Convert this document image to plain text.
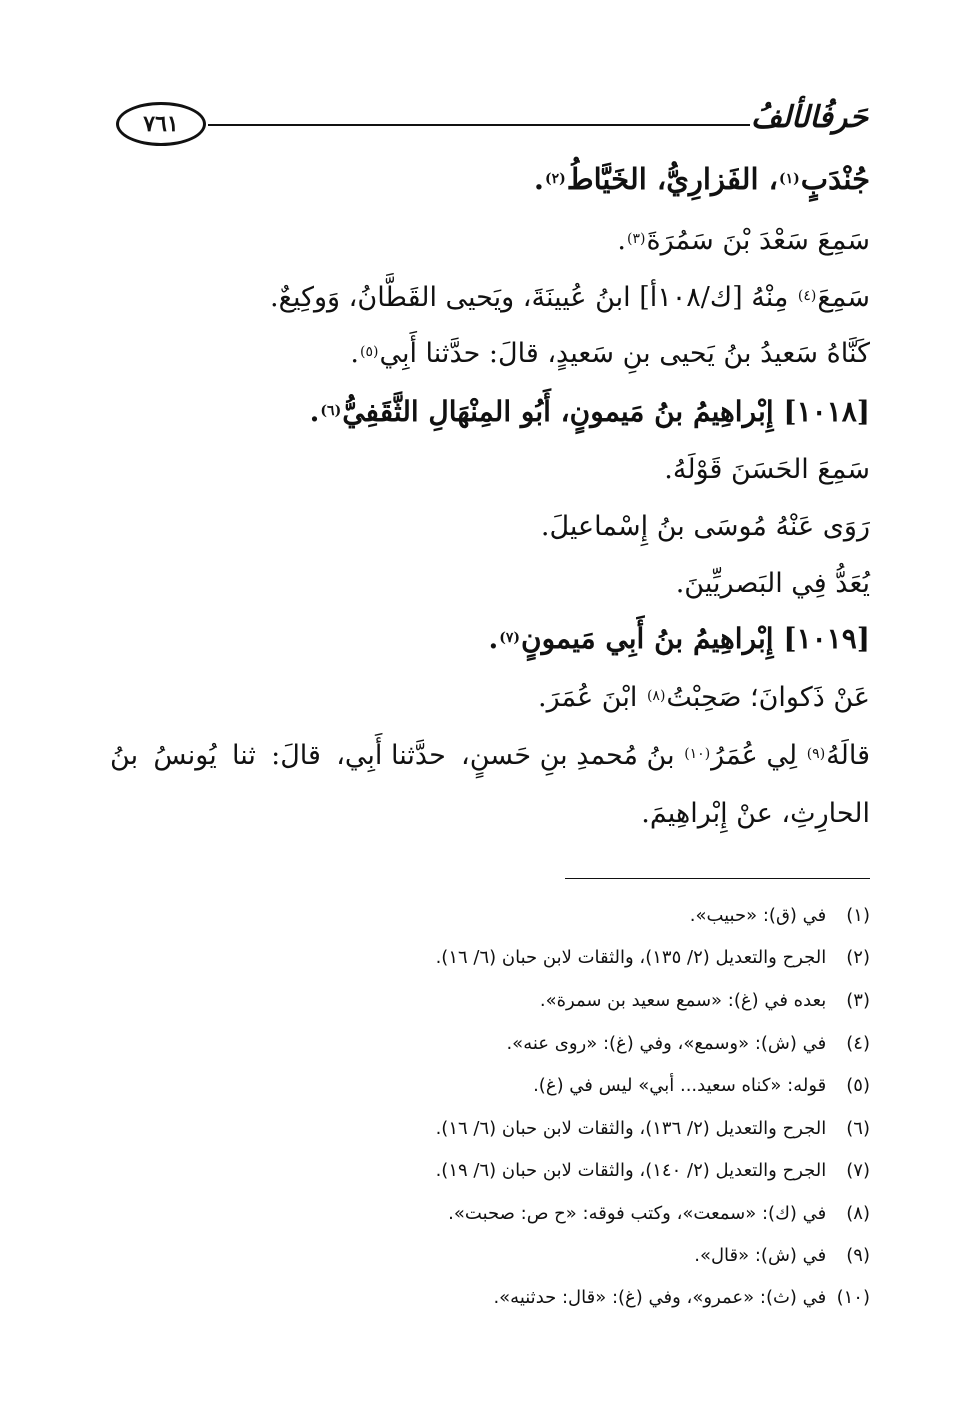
٧٦١	حَرفُالألفُ
جُنْدَبٍ$^{(١)}$، الفَزارِيُّ، الخَيَّاطُ$^{(٢)}$.
سَمِعَ سَعْدَ بْنَ سَمُرَةَ$^{(٣)}$.
سَمِعَ$^{(٤)}$ مِنْهُ [ك/١٠٨أ] ابنُ عُيينَةَ، ويَحيى القَطَّانُ، وَوكِيعٌ.
كَنَّاهُ سَعيدُ بنُ يَحيى بنِ سَعيدٍ، قالَ: حدَّثنا أَبِي$^{(٥)}$.
[١٠١٨] إِبْراهِيمُ بنُ مَيمونٍ، أَبُو المِنْهَالِ الثَّقَفِيُّ$^{(٦)}$.
سَمِعَ الحَسَنَ قَوْلَهُ.
رَوَى عَنْهُ مُوسَى بنُ إِسْماعيلَ.
يُعَدُّ فِي البَصريِّينَ.
[١٠١٩] إِبْراهِيمُ بنُ أَبِي مَيمونٍ$^{(٧)}$.
عَنْ ذَكوانَ؛ صَحِبْتُ$^{(٨)}$ ابْنَ عُمَرَ.
قالَهُ$^{(٩)}$ لِي عُمَرُ$^{(١٠)}$ بنُ مُحمدِ بنِ حَسنٍ،
حدَّثنا أَبِي،
قالَ:
ثنا
يُونسُ
بنُ
الحارِثِ، عنْ إِبْراهِيمَ.
(١) في (ق): «حبيب».
(٢) الجرح والتعديل (٢/ ١٣٥)، والثقات لابن حبان (٦/ ١٦).
(٣) بعده في (غ): «سمع سعيد بن سمرة».
(٤) في (ش): «وسمع»، وفي (غ): «روى عنه».
(٥) قوله: «كناه سعيد... أبي» ليس في (غ).
(٦) الجرح والتعديل (٢/ ١٣٦)، والثقات لابن حبان (٦/ ١٦).
(٧) الجرح والتعديل (٢/ ١٤٠)، والثقات لابن حبان (٦/ ١٩).
(٨) في (ك): «سمعت»، وكتب فوقه: «ح ص: صحبت».
(٩) في (ش): «قال».
(١٠) في (ث): «عمرو»، وفي (غ): «قال: حدثنيه».
